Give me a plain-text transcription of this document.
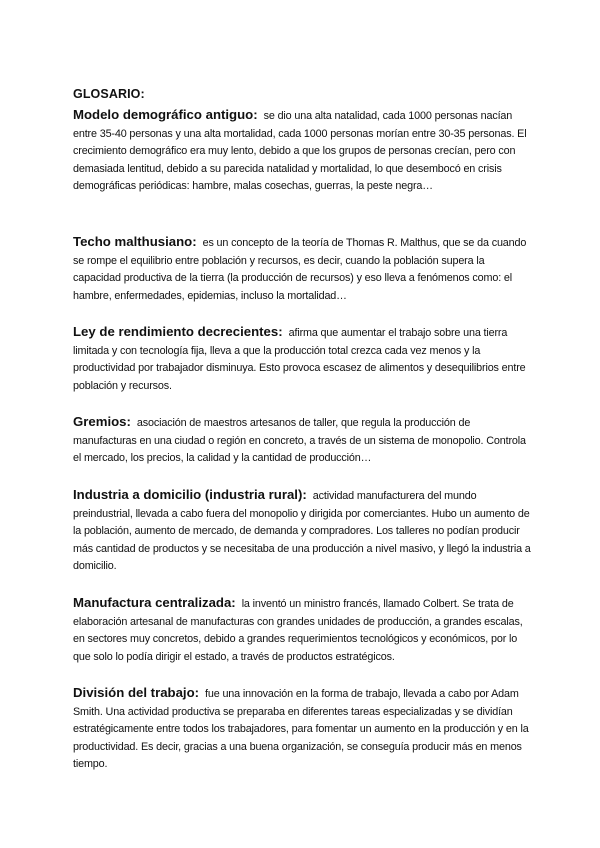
GLOSARIO:

Modelo demográfico antiguo: se dio una alta natalidad, cada 1000 personas nacían entre 35-40 personas y una alta mortalidad, cada 1000 personas morían entre 30-35 personas. El crecimiento demográfico era muy lento, debido a que los grupos de personas crecían, pero con demasiada lentitud, debido a su parecida natalidad y mortalidad, lo que desembocó en crisis demográficas periódicas: hambre, malas cosechas, guerras, la peste negra…

Techo malthusiano: es un concepto de la teoría de Thomas R. Malthus, que se da cuando se rompe el equilibrio entre población y recursos, es decir, cuando la población supera la capacidad productiva de la tierra (la producción de recursos) y eso lleva a fenómenos como: el hambre, enfermedades, epidemias, incluso la mortalidad…

Ley de rendimiento decrecientes: afirma que aumentar el trabajo sobre una tierra limitada y con tecnología fija, lleva a que la producción total crezca cada vez menos y la productividad por trabajador disminuya. Esto provoca escasez de alimentos y desequilibrios entre población y recursos.

Gremios: asociación de maestros artesanos de taller, que regula la producción de manufacturas en una ciudad o región en concreto, a través de un sistema de monopolio. Controla el mercado, los precios, la calidad y la cantidad de producción…

Industria a domicilio (industria rural): actividad manufacturera del mundo preindustrial, llevada a cabo fuera del monopolio y dirigida por comerciantes. Hubo un aumento de la población, aumento de mercado, de demanda y compradores. Los talleres no podían producir más cantidad de productos y se necesitaba de una producción a nivel masivo, y llegó la industria a domicilio.

Manufactura centralizada: la inventó un ministro francés, llamado Colbert. Se trata de elaboración artesanal de manufacturas con grandes unidades de producción, a grandes escalas, en sectores muy concretos, debido a grandes requerimientos tecnológicos y económicos, por lo que solo lo podía dirigir el estado, a través de productos estratégicos.

División del trabajo: fue una innovación en la forma de trabajo, llevada a cabo por Adam Smith. Una actividad productiva se preparaba en diferentes tareas especializadas y se dividían estratégicamente entre todos los trabajadores, para fomentar un aumento en la producción y en la productividad. Es decir, gracias a una buena organización, se conseguía producir más en menos tiempo.
